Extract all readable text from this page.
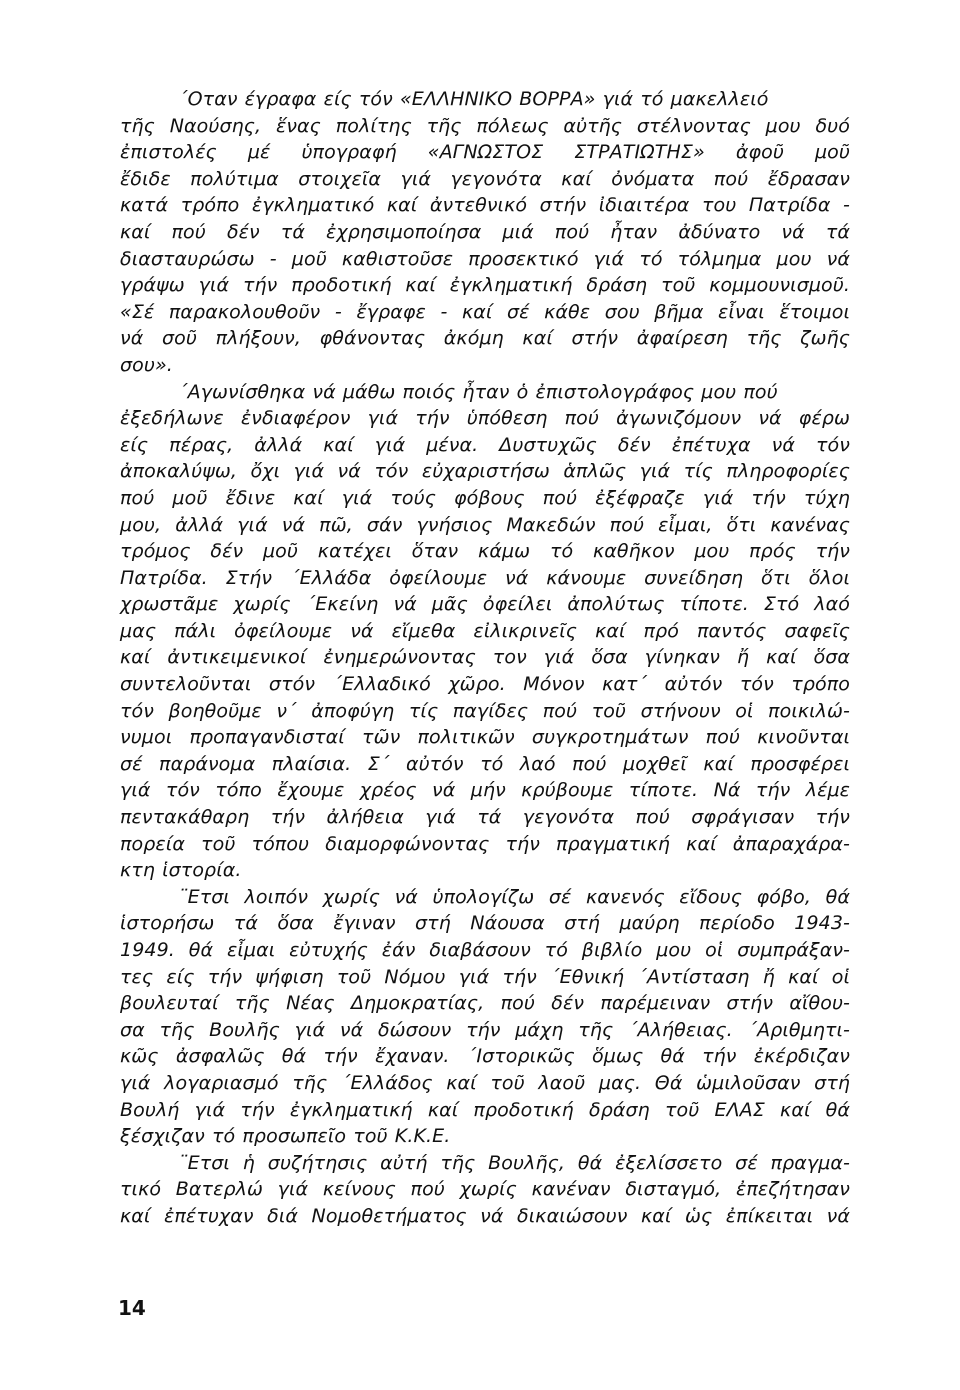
´Οταν έγραφα είς τόν «ΕΛΛΗΝΙΚΟ ΒΟΡΡΑ» γιά τό μακελλειό
τῆς Ναούσης, ἕνας πολίτης τῆς πόλεως αὐτῆς στέλνοντας μου δυό
ἐπιστολές μέ ὑπογραφή «ΑΓΝΩΣΤΟΣ ΣΤΡΑΤΙΩΤΗΣ» ἀφοῦ μοῦ
ἔδιδε πολύτιμα στοιχεῖα γιά γεγονότα καί ὀνόματα πού ἔδρασαν
κατά τρόπο ἐγκληματικό καί ἀντεθνικό στήν ἰδιαιτέρα του Πατρίδα -
καί πού δέν τά ἐχρησιμοποίησα μιά πού ἦταν ἀδύνατο νά τά
διασταυρώσω - μοῦ καθιστοῦσε προσεκτικό γιά τό τόλμημα μου νά
γράψω γιά τήν προδοτική καί ἐγκληματική δράση τοῦ κομμουνισμοῦ.
«Σέ παρακολουθοῦν - ἔγραφε - καί σέ κάθε σου βῆμα εἶναι ἕτοιμοι
νά σοῦ πλήξουν, φθάνοντας ἀκόμη καί στήν ἀφαίρεση τῆς ζωῆς
σου».
´Αγωνίσθηκα νά μάθω ποιός ἦταν ὁ ἐπιστολογράφος μου πού
ἐξεδήλωνε ἐνδιαφέρον γιά τήν ὑπόθεση πού ἀγωνιζόμουν νά φέρω
είς πέρας, ἀλλά καί γιά μένα. Δυστυχῶς δέν ἐπέτυχα νά τόν
ἀποκαλύψω, ὄχι γιά νά τόν εὐχαριστήσω ἁπλῶς γιά τίς πληροφορίες
πού μοῦ ἔδινε καί γιά τούς φόβους πού ἐξέφραζε γιά τήν τύχη
μου, ἀλλά γιά νά πῶ, σάν γνήσιος Μακεδών πού εἶμαι, ὅτι κανένας
τρόμος δέν μοῦ κατέχει ὅταν κάμω τό καθῆκον μου πρός τήν
Πατρίδα. Στήν ´Ελλάδα ὀφείλουμε νά κάνουμε συνείδηση ὅτι ὅλοι
χρωστᾶμε χωρίς ´Εκείνη νά μᾶς ὀφείλει ἀπολύτως τίποτε. Στό λαό
μας πάλι ὀφείλουμε νά εἴμεθα εἰλικρινεῖς καί πρό παντός σαφεῖς
καί ἀντικειμενικοί ἐνημερώνοντας τον γιά ὅσα γίνηκαν ἤ καί ὅσα
συντελοῦνται στόν ´Ελλαδικό χῶρο. Μόνον κατ´ αὐτόν τόν τρόπο
τόν βοηθοῦμε ν´ ἀποφύγη τίς παγίδες πού τοῦ στήνουν οἱ ποικιλώ-
νυμοι προπαγανδισταί τῶν πολιτικῶν συγκροτημάτων πού κινοῦνται
σέ παράνομα πλαίσια. Σ´ αὐτόν τό λαό πού μοχθεῖ καί προσφέρει
γιά τόν τόπο ἔχουμε χρέος νά μήν κρύβουμε τίποτε. Νά τήν λέμε
πεντακάθαρη τήν ἀλήθεια γιά τά γεγονότα πού σφράγισαν τήν
πορεία τοῦ τόπου διαμορφώνοντας τήν πραγματική καί ἀπαραχάρα-
κτη ἱστορία.
¨Ετσι λοιπόν χωρίς νά ὑπολογίζω σέ κανενός εἴδους φόβο, θά
ἱστορήσω τά ὅσα ἔγιναν στή Νάουσα στή μαύρη περίοδο 1943-
1949. θά εἶμαι εὐτυχής ἐάν διαβάσουν τό βιβλίο μου οἱ συμπράξαν-
τες είς τήν ψήφιση τοῦ Νόμου γιά τήν ´Εθνική ´Αντίσταση ἤ καί οἱ
βουλευταί τῆς Νέας Δημοκρατίας, πού δέν παρέμειναν στήν αἴθου-
σα τῆς Βουλῆς γιά νά δώσουν τήν μάχη τῆς ´Αλήθειας. ´Αριθμητι-
κῶς ἀσφαλῶς θά τήν ἔχαναν. ´Ιστορικῶς ὅμως θά τήν ἐκέρδιζαν
γιά λογαριασμό τῆς ´Ελλάδος καί τοῦ λαοῦ μας. Θά ὡμιλοῦσαν στή
Βουλή γιά τήν ἐγκληματική καί προδοτική δράση τοῦ ΕΛΑΣ καί θά
ξέσχιζαν τό προσωπεῖο τοῦ Κ.Κ.Ε.
¨Ετσι ἡ συζήτησις αὐτή τῆς Βουλῆς, θά ἐξελίσσετο σέ πραγμα-
τικό Βατερλώ γιά κείνους πού χωρίς κανέναν δισταγμό, ἐπεζήτησαν
καί ἐπέτυχαν διά Νομοθετήματος νά δικαιώσουν καί ὡς ἐπίκειται νά
14
